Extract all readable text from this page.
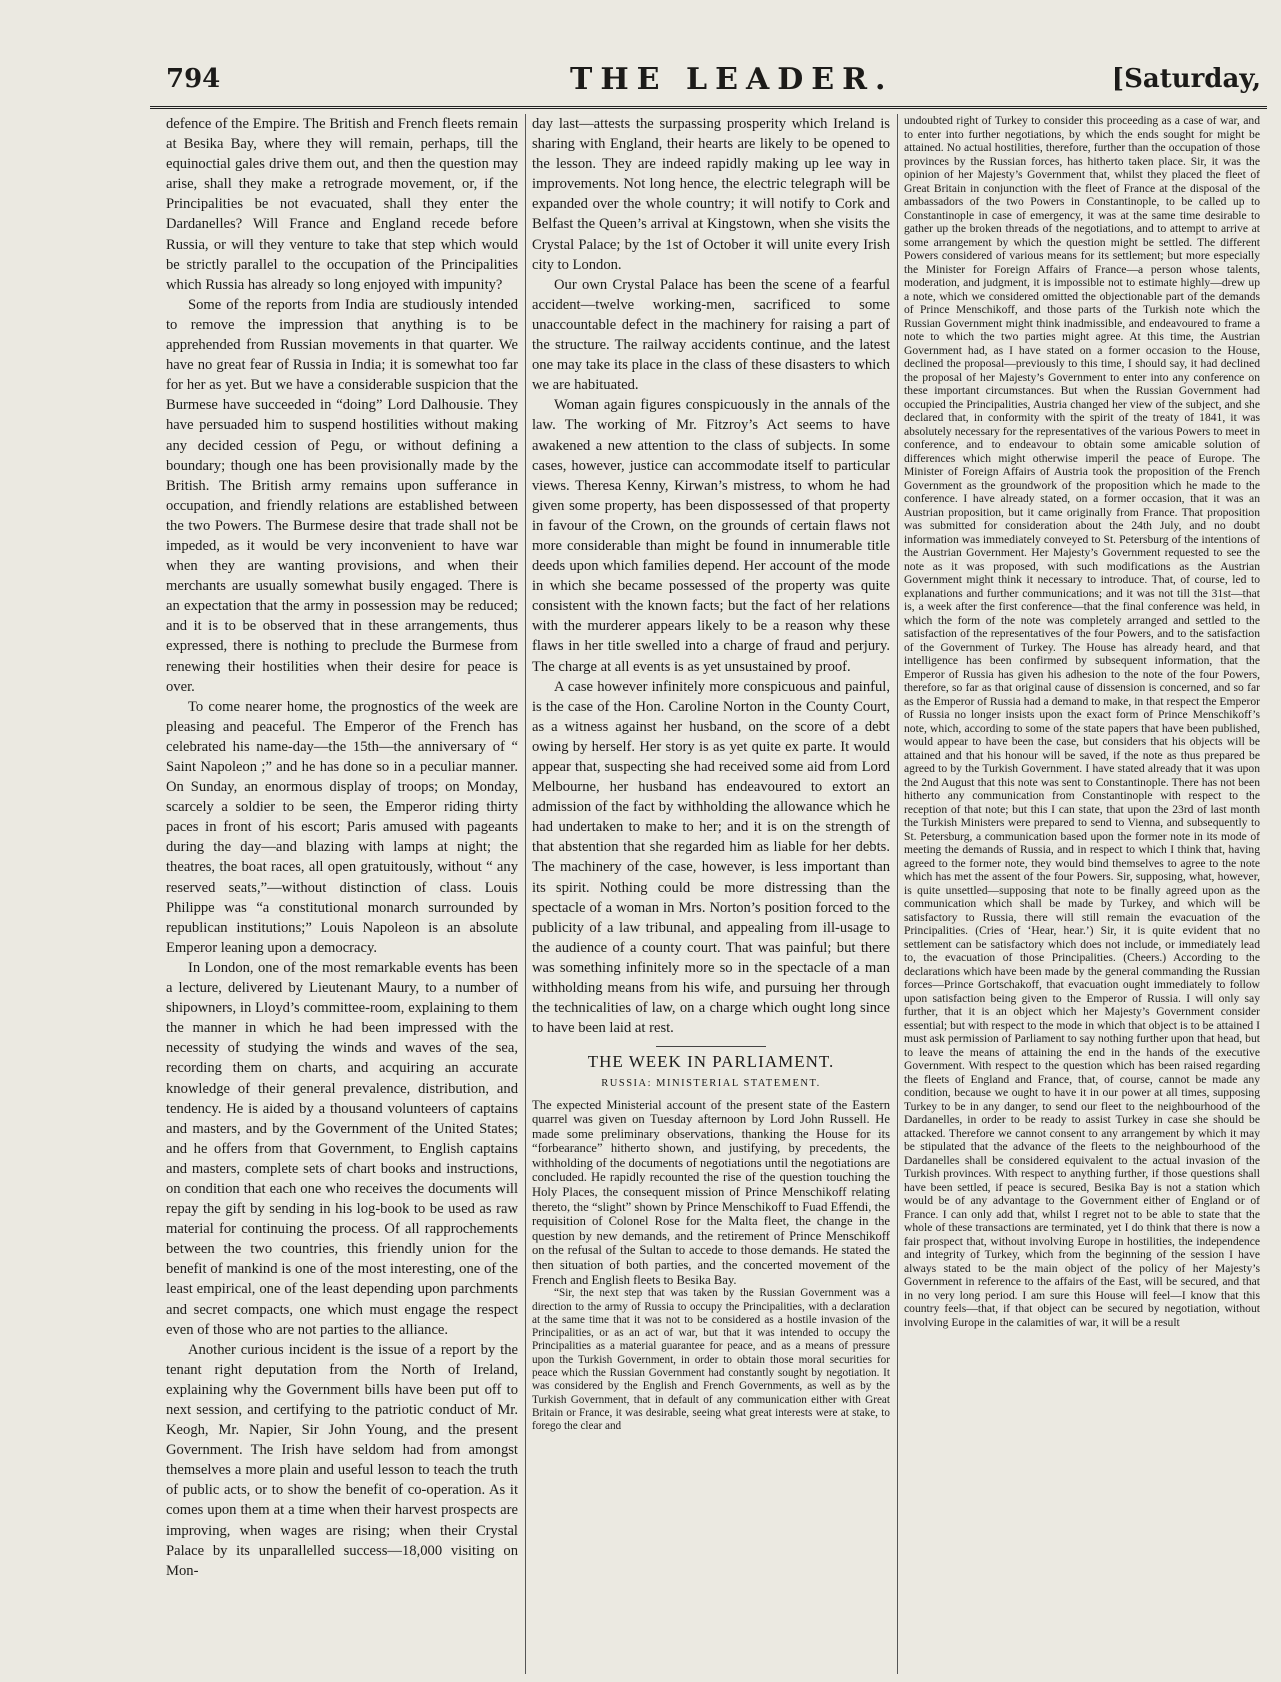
794	THE LEADER.	[Saturday,

defence of the Empire. The British and French fleets remain at Besika Bay, where they will remain, perhaps, till the equinoctial gales drive them out, and then the question may arise, shall they make a retrograde movement, or, if the Principalities be not evacuated, shall they enter the Dardanelles? Will France and England recede before Russia, or will they venture to take that step which would be strictly parallel to the occupation of the Principalities which Russia has already so long enjoyed with impunity?

Some of the reports from India are studiously intended to remove the impression that anything is to be apprehended from Russian movements in that quarter. We have no great fear of Russia in India; it is somewhat too far for her as yet. But we have a considerable suspicion that the Burmese have succeeded in “doing” Lord Dalhousie. They have persuaded him to suspend hostilities without making any decided cession of Pegu, or without defining a boundary; though one has been provisionally made by the British. The British army remains upon sufferance in occupation, and friendly relations are established between the two Powers. The Burmese desire that trade shall not be impeded, as it would be very inconvenient to have war when they are wanting provisions, and when their merchants are usually somewhat busily engaged. There is an expectation that the army in possession may be reduced; and it is to be observed that in these arrangements, thus expressed, there is nothing to preclude the Burmese from renewing their hostilities when their desire for peace is over.

To come nearer home, the prognostics of the week are pleasing and peaceful. The Emperor of the French has celebrated his name-day—the 15th—the anniversary of “ Saint Napoleon ;” and he has done so in a peculiar manner. On Sunday, an enormous display of troops; on Monday, scarcely a soldier to be seen, the Emperor riding thirty paces in front of his escort; Paris amused with pageants during the day—and blazing with lamps at night; the theatres, the boat races, all open gratuitously, without “ any reserved seats,”—without distinction of class. Louis Philippe was “a constitutional monarch surrounded by republican institutions;” Louis Napoleon is an absolute Emperor leaning upon a democracy.

In London, one of the most remarkable events has been a lecture, delivered by Lieutenant Maury, to a number of shipowners, in Lloyd’s committee-room, explaining to them the manner in which he had been impressed with the necessity of studying the winds and waves of the sea, recording them on charts, and acquiring an accurate knowledge of their general prevalence, distribution, and tendency. He is aided by a thousand volunteers of captains and masters, and by the Government of the United States; and he offers from that Government, to English captains and masters, complete sets of chart books and instructions, on condition that each one who receives the documents will repay the gift by sending in his log-book to be used as raw material for continuing the process. Of all rapprochements between the two countries, this friendly union for the benefit of mankind is one of the most interesting, one of the least empirical, one of the least depending upon parchments and secret compacts, one which must engage the respect even of those who are not parties to the alliance.

Another curious incident is the issue of a report by the tenant right deputation from the North of Ireland, explaining why the Government bills have been put off to next session, and certifying to the patriotic conduct of Mr. Keogh, Mr. Napier, Sir John Young, and the present Government. The Irish have seldom had from amongst themselves a more plain and useful lesson to teach the truth of public acts, or to show the benefit of co-operation. As it comes upon them at a time when their harvest prospects are improving, when wages are rising; when their Crystal Palace by its unparallelled success—18,000 visiting on Mon-

day last—attests the surpassing prosperity which Ireland is sharing with England, their hearts are likely to be opened to the lesson. They are indeed rapidly making up lee way in improvements. Not long hence, the electric telegraph will be expanded over the whole country; it will notify to Cork and Belfast the Queen’s arrival at Kingstown, when she visits the Crystal Palace; by the 1st of October it will unite every Irish city to London.

Our own Crystal Palace has been the scene of a fearful accident—twelve working-men, sacrificed to some unaccountable defect in the machinery for raising a part of the structure. The railway accidents continue, and the latest one may take its place in the class of these disasters to which we are habituated.

Woman again figures conspicuously in the annals of the law. The working of Mr. Fitzroy’s Act seems to have awakened a new attention to the class of subjects. In some cases, however, justice can accommodate itself to particular views. Theresa Kenny, Kirwan’s mistress, to whom he had given some property, has been dispossessed of that property in favour of the Crown, on the grounds of certain flaws not more considerable than might be found in innumerable title deeds upon which families depend. Her account of the mode in which she became possessed of the property was quite consistent with the known facts; but the fact of her relations with the murderer appears likely to be a reason why these flaws in her title swelled into a charge of fraud and perjury. The charge at all events is as yet unsustained by proof.

A case however infinitely more conspicuous and painful, is the case of the Hon. Caroline Norton in the County Court, as a witness against her husband, on the score of a debt owing by herself. Her story is as yet quite ex parte. It would appear that, suspecting she had received some aid from Lord Melbourne, her husband has endeavoured to extort an admission of the fact by withholding the allowance which he had undertaken to make to her; and it is on the strength of that abstention that she regarded him as liable for her debts. The machinery of the case, however, is less important than its spirit. Nothing could be more distressing than the spectacle of a woman in Mrs. Norton’s position forced to the publicity of a law tribunal, and appealing from ill-usage to the audience of a county court. That was painful; but there was something infinitely more so in the spectacle of a man withholding means from his wife, and pursuing her through the technicalities of law, on a charge which ought long since to have been laid at rest.

THE WEEK IN PARLIAMENT.
RUSSIA: MINISTERIAL STATEMENT.

The expected Ministerial account of the present state of the Eastern quarrel was given on Tuesday afternoon by Lord John Russell. He made some preliminary observations, thanking the House for its “forbearance” hitherto shown, and justifying, by precedents, the withholding of the documents of negotiations until the negotiations are concluded. He rapidly recounted the rise of the question touching the Holy Places, the consequent mission of Prince Menschikoff relating thereto, the “slight” shown by Prince Menschikoff to Fuad Effendi, the requisition of Colonel Rose for the Malta fleet, the change in the question by new demands, and the retirement of Prince Menschikoff on the refusal of the Sultan to accede to those demands. He stated the then situation of both parties, and the concerted movement of the French and English fleets to Besika Bay.

“Sir, the next step that was taken by the Russian Government was a direction to the army of Russia to occupy the Principalities, with a declaration at the same time that it was not to be considered as a hostile invasion of the Principalities, or as an act of war, but that it was intended to occupy the Principalities as a material guarantee for peace, and as a means of pressure upon the Turkish Government, in order to obtain those moral securities for peace which the Russian Government had constantly sought by negotiation. It was considered by the English and French Governments, as well as by the Turkish Government, that in default of any communication either with Great Britain or France, it was desirable, seeing what great interests were at stake, to forego the clear and

undoubted right of Turkey to consider this proceeding as a case of war, and to enter into further negotiations, by which the ends sought for might be attained. No actual hostilities, therefore, further than the occupation of those provinces by the Russian forces, has hitherto taken place. Sir, it was the opinion of her Majesty’s Government that, whilst they placed the fleet of Great Britain in conjunction with the fleet of France at the disposal of the ambassadors of the two Powers in Constantinople, to be called up to Constantinople in case of emergency, it was at the same time desirable to gather up the broken threads of the negotiations, and to attempt to arrive at some arrangement by which the question might be settled. The different Powers considered of various means for its settlement; but more especially the Minister for Foreign Affairs of France—a person whose talents, moderation, and judgment, it is impossible not to estimate highly—drew up a note, which we considered omitted the objectionable part of the demands of Prince Menschikoff, and those parts of the Turkish note which the Russian Government might think inadmissible, and endeavoured to frame a note to which the two parties might agree. At this time, the Austrian Government had, as I have stated on a former occasion to the House, declined the proposal—previously to this time, I should say, it had declined the proposal of her Majesty’s Government to enter into any conference on these important circumstances. But when the Russian Government had occupied the Principalities, Austria changed her view of the subject, and she declared that, in conformity with the spirit of the treaty of 1841, it was absolutely necessary for the representatives of the various Powers to meet in conference, and to endeavour to obtain some amicable solution of differences which might otherwise imperil the peace of Europe. The Minister of Foreign Affairs of Austria took the proposition of the French Government as the groundwork of the proposition which he made to the conference. I have already stated, on a former occasion, that it was an Austrian proposition, but it came originally from France. That proposition was submitted for consideration about the 24th July, and no doubt information was immediately conveyed to St. Petersburg of the intentions of the Austrian Government. Her Majesty’s Government requested to see the note as it was proposed, with such modifications as the Austrian Government might think it necessary to introduce. That, of course, led to explanations and further communications; and it was not till the 31st—that is, a week after the first conference—that the final conference was held, in which the form of the note was completely arranged and settled to the satisfaction of the representatives of the four Powers, and to the satisfaction of the Government of Turkey. The House has already heard, and that intelligence has been confirmed by subsequent information, that the Emperor of Russia has given his adhesion to the note of the four Powers, therefore, so far as that original cause of dissension is concerned, and so far as the Emperor of Russia had a demand to make, in that respect the Emperor of Russia no longer insists upon the exact form of Prince Menschikoff’s note, which, according to some of the state papers that have been published, would appear to have been the case, but considers that his objects will be attained and that his honour will be saved, if the note as thus prepared be agreed to by the Turkish Government. I have stated already that it was upon the 2nd August that this note was sent to Constantinople. There has not been hitherto any communication from Constantinople with respect to the reception of that note; but this I can state, that upon the 23rd of last month the Turkish Ministers were prepared to send to Vienna, and subsequently to St. Petersburg, a communication based upon the former note in its mode of meeting the demands of Russia, and in respect to which I think that, having agreed to the former note, they would bind themselves to agree to the note which has met the assent of the four Powers. Sir, supposing, what, however, is quite unsettled—supposing that note to be finally agreed upon as the communication which shall be made by Turkey, and which will be satisfactory to Russia, there will still remain the evacuation of the Principalities. (Cries of ‘Hear, hear.’) Sir, it is quite evident that no settlement can be satisfactory which does not include, or immediately lead to, the evacuation of those Principalities. (Cheers.) According to the declarations which have been made by the general commanding the Russian forces—Prince Gortschakoff, that evacuation ought immediately to follow upon satisfaction being given to the Emperor of Russia. I will only say further, that it is an object which her Majesty’s Government consider essential; but with respect to the mode in which that object is to be attained I must ask permission of Parliament to say nothing further upon that head, but to leave the means of attaining the end in the hands of the executive Government. With respect to the question which has been raised regarding the fleets of England and France, that, of course, cannot be made any condition, because we ought to have it in our power at all times, supposing Turkey to be in any danger, to send our fleet to the neighbourhood of the Dardanelles, in order to be ready to assist Turkey in case she should be attacked. Therefore we cannot consent to any arrangement by which it may be stipulated that the advance of the fleets to the neighbourhood of the Dardanelles shall be considered equivalent to the actual invasion of the Turkish provinces. With respect to anything further, if those questions shall have been settled, if peace is secured, Besika Bay is not a station which would be of any advantage to the Government either of England or of France. I can only add that, whilst I regret not to be able to state that the whole of these transactions are terminated, yet I do think that there is now a fair prospect that, without involving Europe in hostilities, the independence and integrity of Turkey, which from the beginning of the session I have always stated to be the main object of the policy of her Majesty’s Government in reference to the affairs of the East, will be secured, and that in no very long period. I am sure this House will feel—I know that this country feels—that, if that object can be secured by negotiation, without involving Europe in the calamities of war, it will be a result
